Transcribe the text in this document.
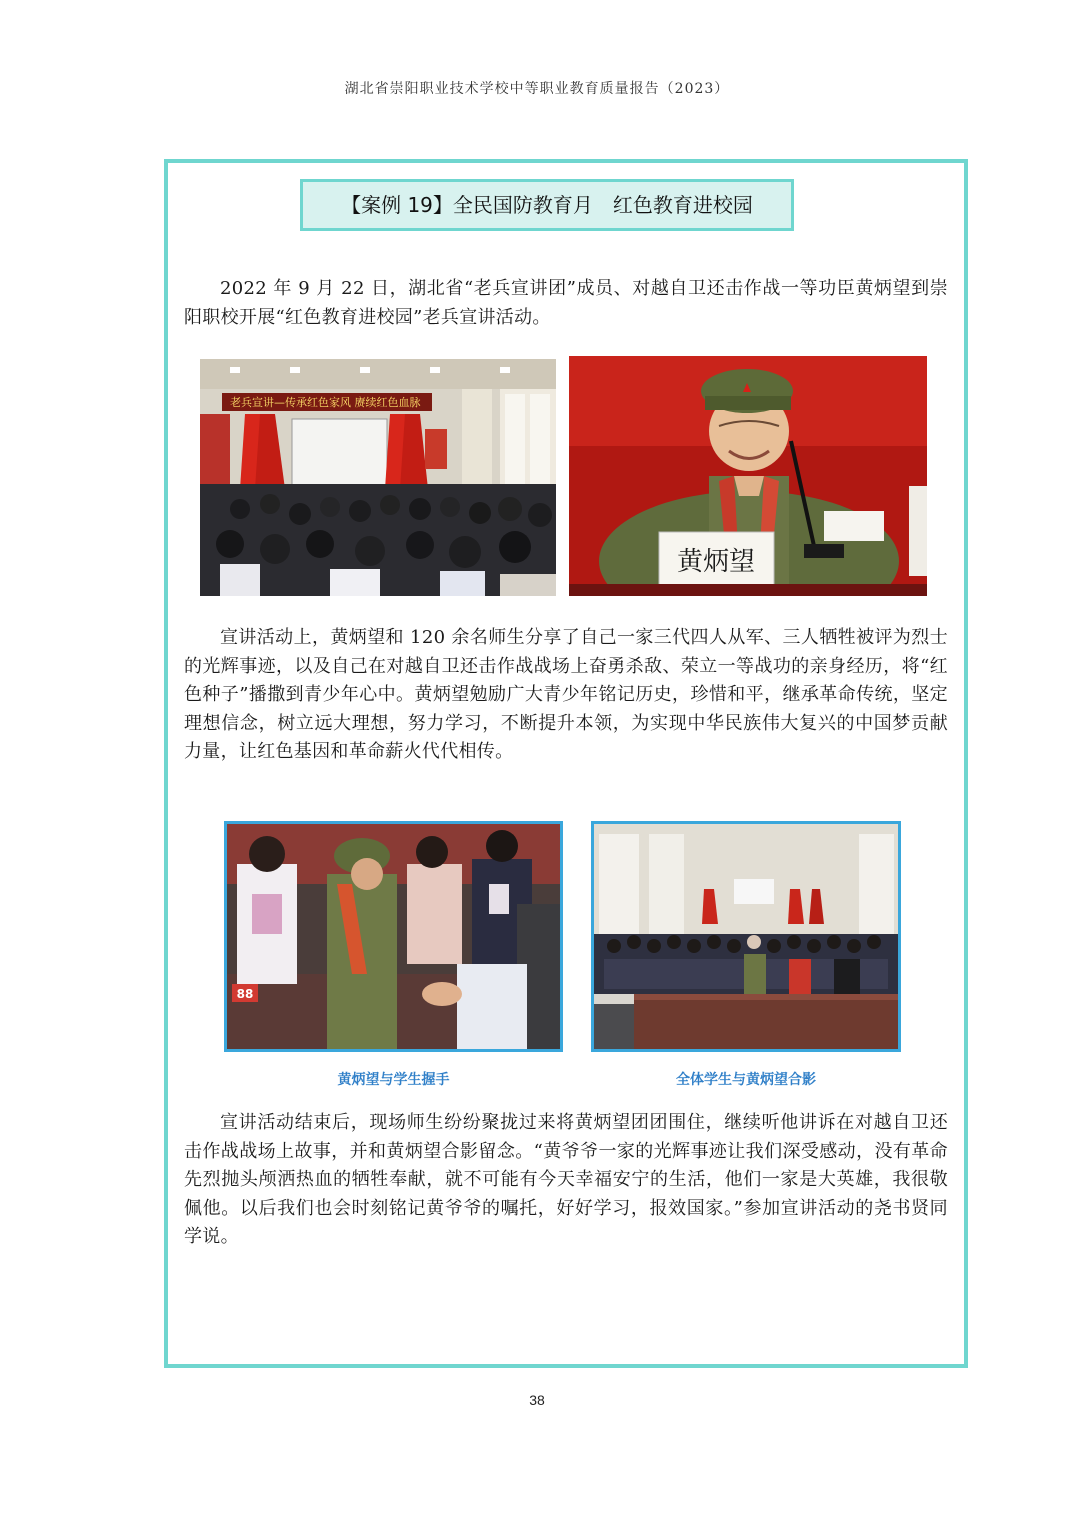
湖北省崇阳职业技术学校中等职业教育质量报告（2023）
【案例 19】全民国防教育月　红色教育进校园

2022 年 9 月 22 日，湖北省“老兵宣讲团”成员、对越自卫还击作战一等功臣黄炳望到崇阳职校开展“红色教育进校园”老兵宣讲活动。

老兵宣讲—传承红色家风 赓续红色血脉
黄炳望

宣讲活动上，黄炳望和 120 余名师生分享了自己一家三代四人从军、三人牺牲被评为烈士的光辉事迹，以及自己在对越自卫还击作战战场上奋勇杀敌、荣立一等战功的亲身经历，将“红色种子”播撒到青少年心中。黄炳望勉励广大青少年铭记历史，珍惜和平，继承革命传统，坚定理想信念，树立远大理想，努力学习，不断提升本领，为实现中华民族伟大复兴的中国梦贡献力量，让红色基因和革命薪火代代相传。

88
黄炳望与学生握手	全体学生与黄炳望合影

宣讲活动结束后，现场师生纷纷聚拢过来将黄炳望团团围住，继续听他讲诉在对越自卫还击作战战场上故事，并和黄炳望合影留念。“黄爷爷一家的光辉事迹让我们深受感动，没有革命先烈抛头颅洒热血的牺牲奉献，就不可能有今天幸福安宁的生活，他们一家是大英雄，我很敬佩他。以后我们也会时刻铭记黄爷爷的嘱托，好好学习，报效国家。”参加宣讲活动的尧书贤同学说。

38
